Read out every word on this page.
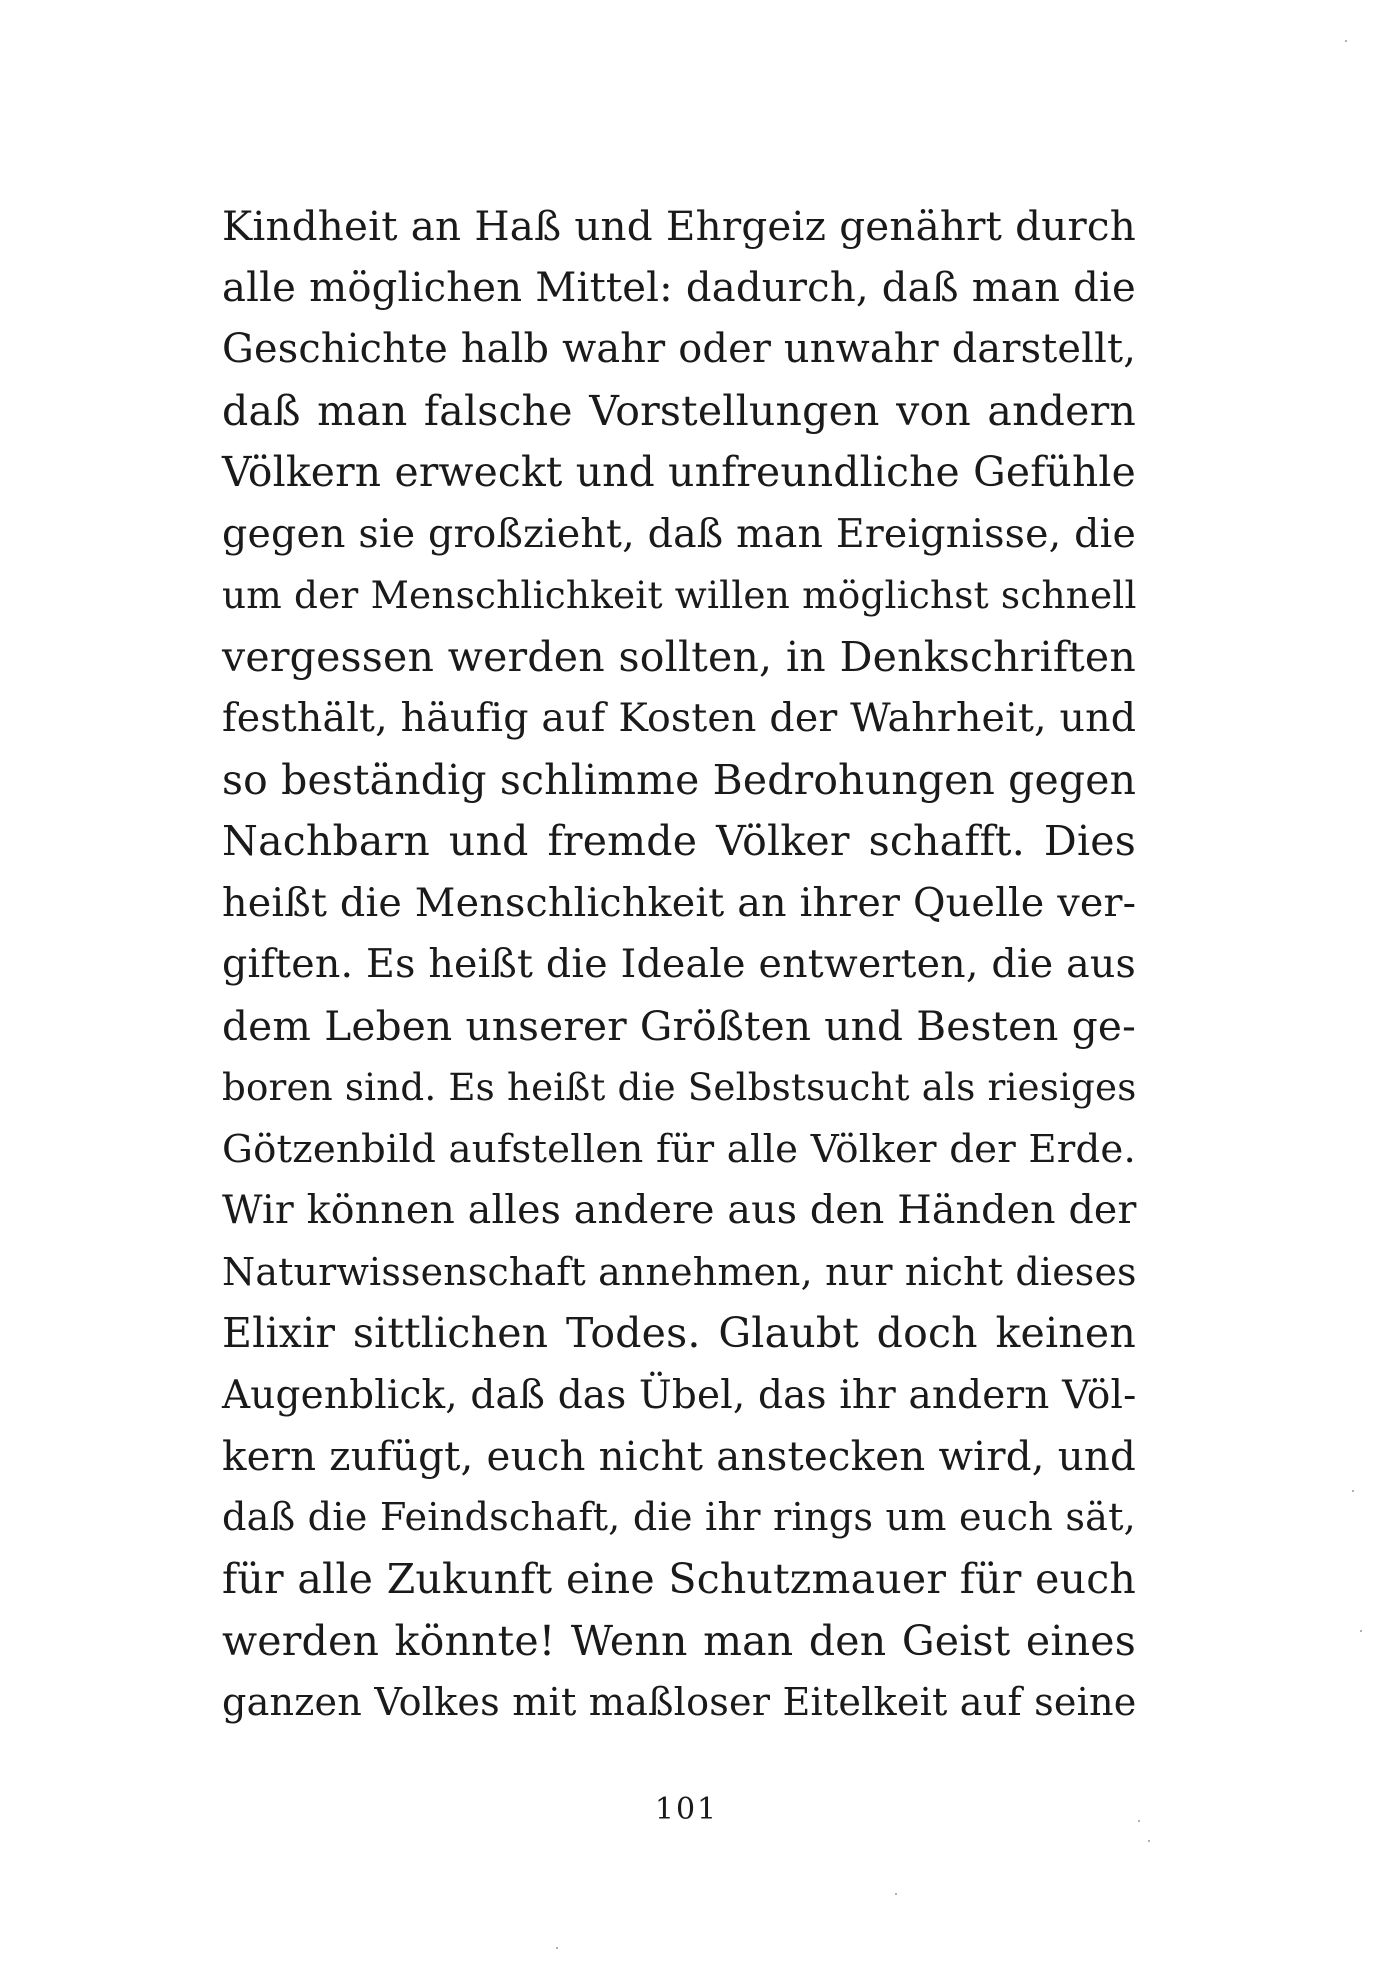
Kindheit an Haß und Ehrgeiz genährt durch
alle möglichen Mittel: dadurch, daß man die
Geschichte halb wahr oder unwahr darstellt,
daß man falsche Vorstellungen von andern
Völkern erweckt und unfreundliche Gefühle
gegen sie großzieht, daß man Ereignisse, die
um der Menschlichkeit willen möglichst schnell
vergessen werden sollten, in Denkschriften
festhält, häufig auf Kosten der Wahrheit, und
so beständig schlimme Bedrohungen gegen
Nachbarn und fremde Völker schafft. Dies
heißt die Menschlichkeit an ihrer Quelle ver-
giften. Es heißt die Ideale entwerten, die aus
dem Leben unserer Größten und Besten ge-
boren sind. Es heißt die Selbstsucht als riesiges
Götzenbild aufstellen für alle Völker der Erde.
Wir können alles andere aus den Händen der
Naturwissenschaft annehmen, nur nicht dieses
Elixir sittlichen Todes. Glaubt doch keinen
Augenblick, daß das Übel, das ihr andern Völ-
kern zufügt, euch nicht anstecken wird, und
daß die Feindschaft, die ihr rings um euch sät,
für alle Zukunft eine Schutzmauer für euch
werden könnte! Wenn man den Geist eines
ganzen Volkes mit maßloser Eitelkeit auf seine
101
